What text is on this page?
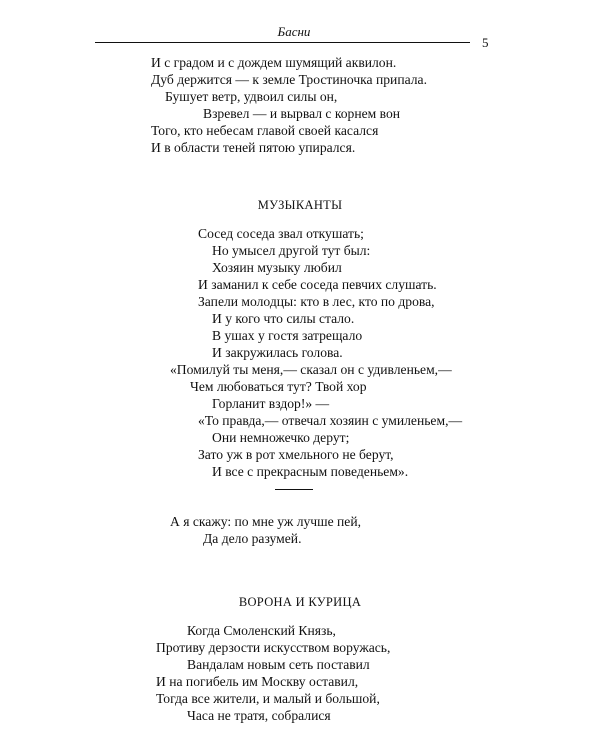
Басни
5
И с градом и с дождем шумящий аквилон.
Дуб держится — к земле Тростиночка припала.
Бушует ветр, удвоил силы он,
Взревел — и вырвал с корнем вон
Того, кто небесам главой своей касался
И в области теней пятою упирался.
МУЗЫКАНТЫ
Сосед соседа звал откушать;
Но умысел другой тут был:
Хозяин музыку любил
И заманил к себе соседа певчих слушать.
Запели молодцы: кто в лес, кто по дрова,
И у кого что силы стало.
В ушах у гостя затрещало
И закружилась голова.
«Помилуй ты меня,— сказал он с удивленьем,—
Чем любоваться тут? Твой хор
Горланит вздор!» —
«То правда,— отвечал хозяин с умиленьем,—
Они немножечко дерут;
Зато уж в рот хмельного не берут,
И все с прекрасным поведеньем».
А я скажу: по мне уж лучше пей,
Да дело разумей.
ВОРОНА И КУРИЦА
Когда Смоленский Князь,
Противу дерзости искусством воружась,
Вандалам новым сеть поставил
И на погибель им Москву оставил,
Тогда все жители, и малый и большой,
Часа не тратя, собралися
